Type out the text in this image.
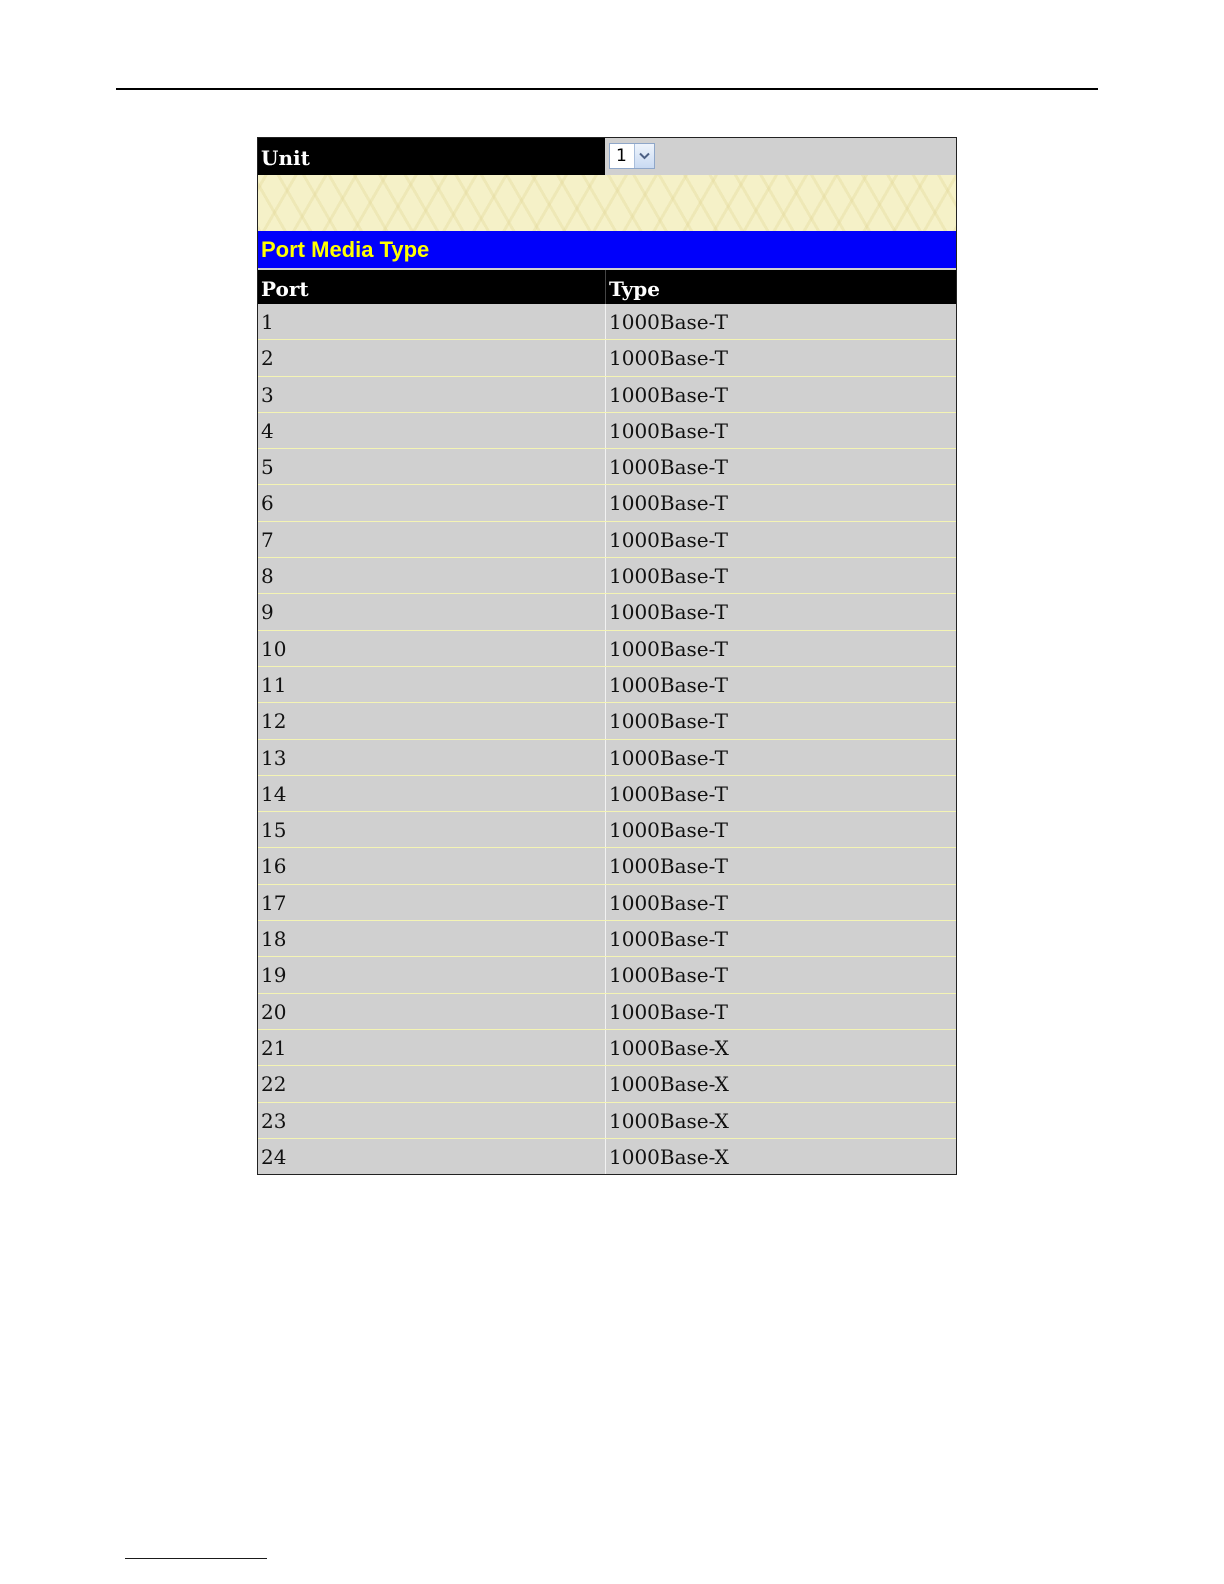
Unit	1
Port Media Type
Port	Type
1	1000Base-T
2	1000Base-T
3	1000Base-T
4	1000Base-T
5	1000Base-T
6	1000Base-T
7	1000Base-T
8	1000Base-T
9	1000Base-T
10	1000Base-T
11	1000Base-T
12	1000Base-T
13	1000Base-T
14	1000Base-T
15	1000Base-T
16	1000Base-T
17	1000Base-T
18	1000Base-T
19	1000Base-T
20	1000Base-T
21	1000Base-X
22	1000Base-X
23	1000Base-X
24	1000Base-X
